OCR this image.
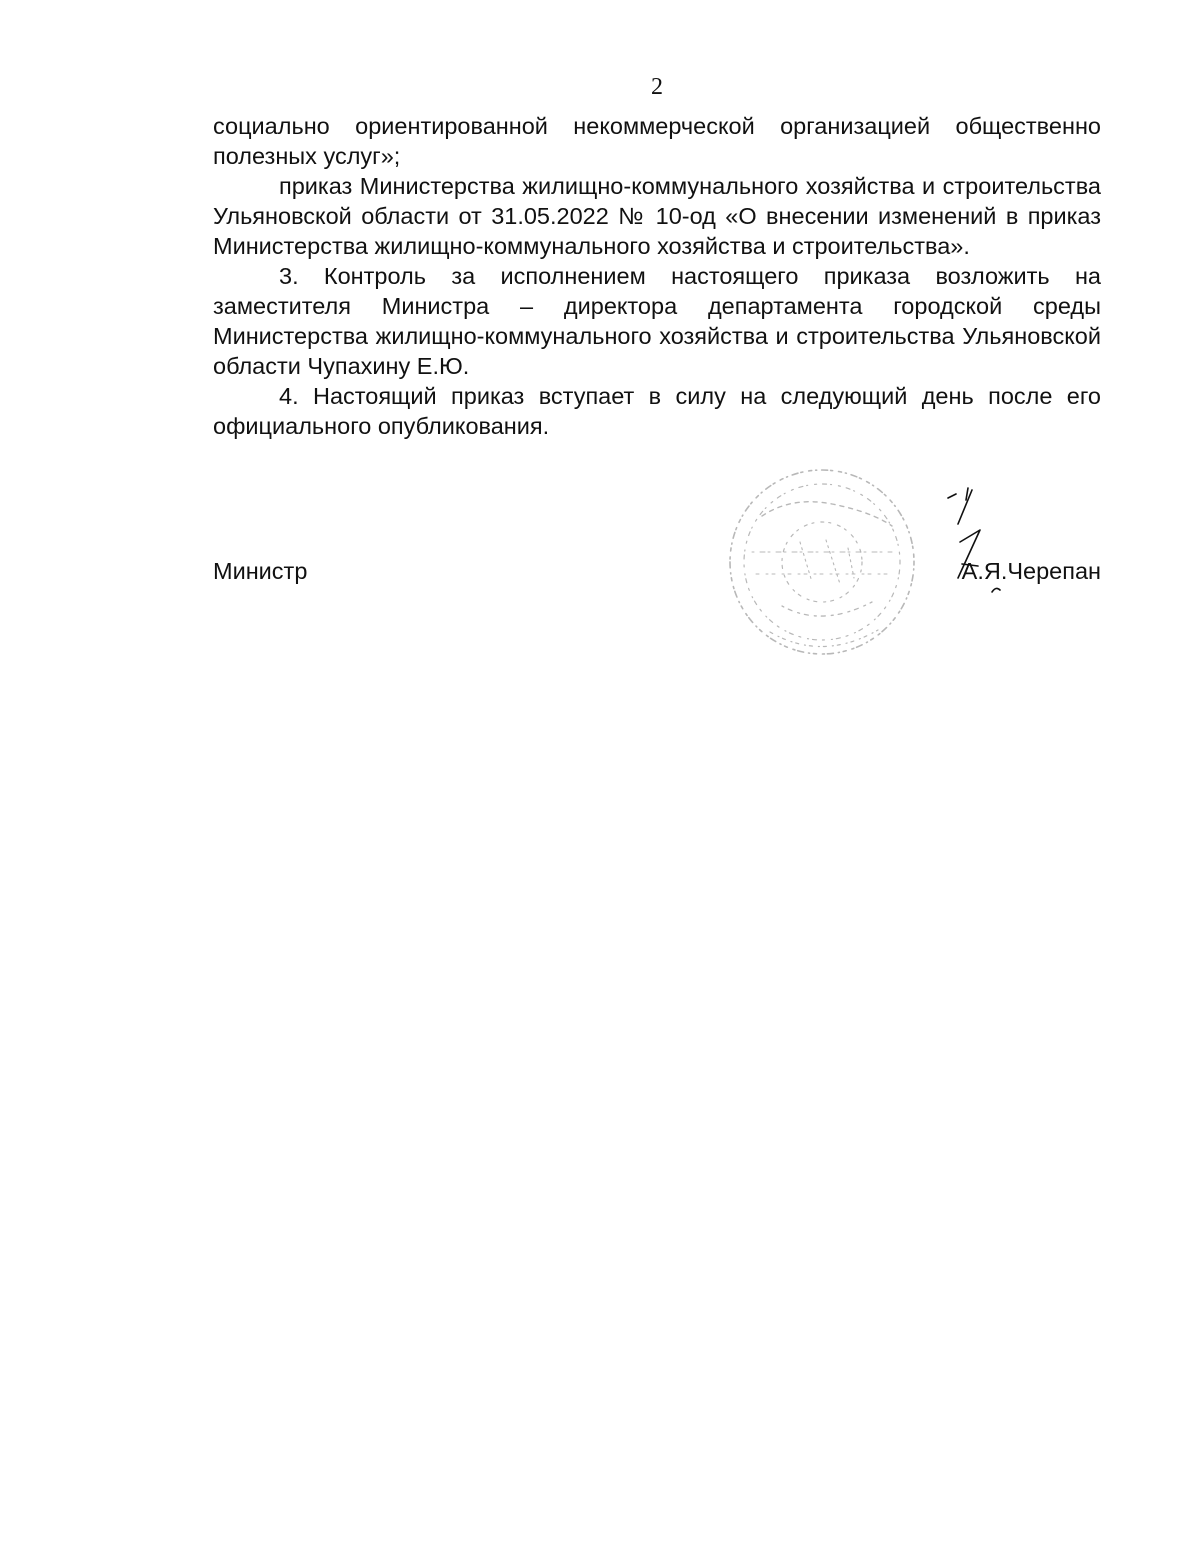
2

социально ориентированной некоммерческой организацией общественно полезных услуг»;

приказ Министерства жилищно-коммунального хозяйства и строительства Ульяновской области от 31.05.2022 № 10-од «О внесении изменений в приказ Министерства жилищно-коммунального хозяйства и строительства».

3. Контроль за исполнением настоящего приказа возложить на заместителя Министра – директора департамента городской среды Министерства жилищно-коммунального хозяйства и строительства Ульяновской области Чупахину Е.Ю.

4. Настоящий приказ вступает в силу на следующий день после его официального опубликования.

Министр	А.Я.Черепан
